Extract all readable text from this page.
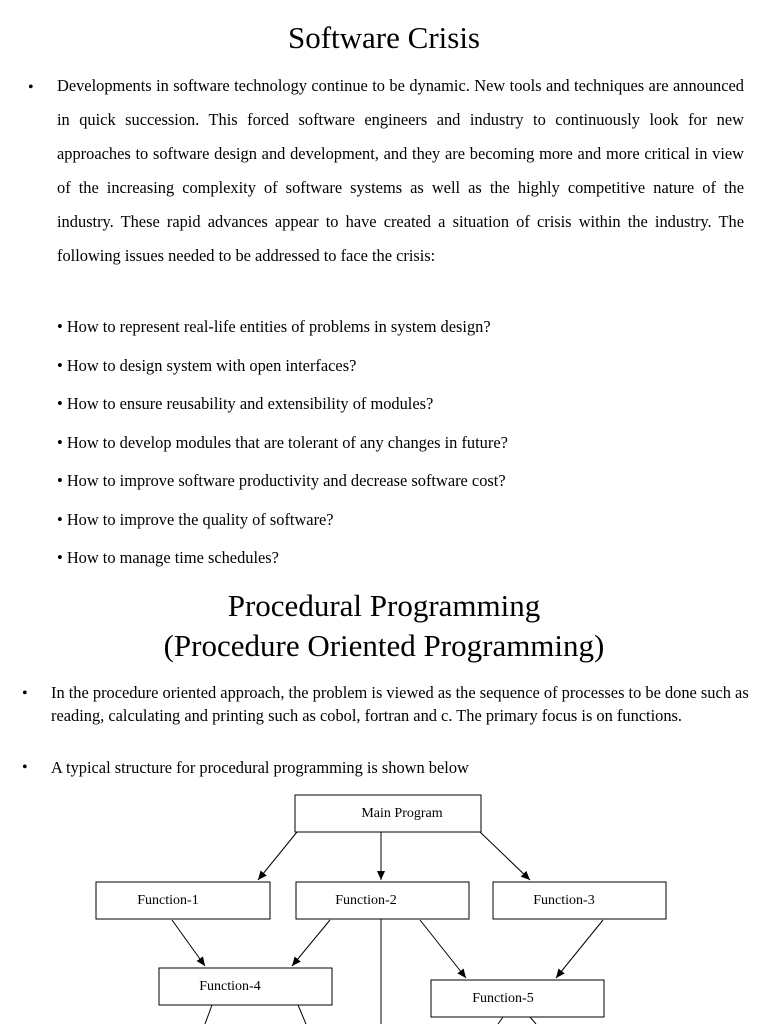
Software Crisis
• Developments in software technology continue to be dynamic. New tools and techniques are announced in quick succession. This forced software engineers and industry to continuously look for new approaches to software design and development, and they are becoming more and more critical in view of the increasing complexity of software systems as well as the highly competitive nature of the industry. These rapid advances appear to have created a situation of crisis within the industry. The following issues needed to be addressed to face the crisis:

• How to represent real-life entities of problems in system design?
• How to design system with open interfaces?
• How to ensure reusability and extensibility of modules?
• How to develop modules that are tolerant of any changes in future?
• How to improve software productivity and decrease software cost?
• How to improve the quality of software?
• How to manage time schedules?
Procedural Programming
(Procedure Oriented Programming)
• In the procedure oriented approach, the problem is viewed as the sequence of processes to be done such as reading, calculating and printing such as cobol, fortran and c. The primary focus is on functions.

• A typical structure for procedural programming is shown below

Main Program
Function-1	Function-2	Function-3
Function-4
Function-5
